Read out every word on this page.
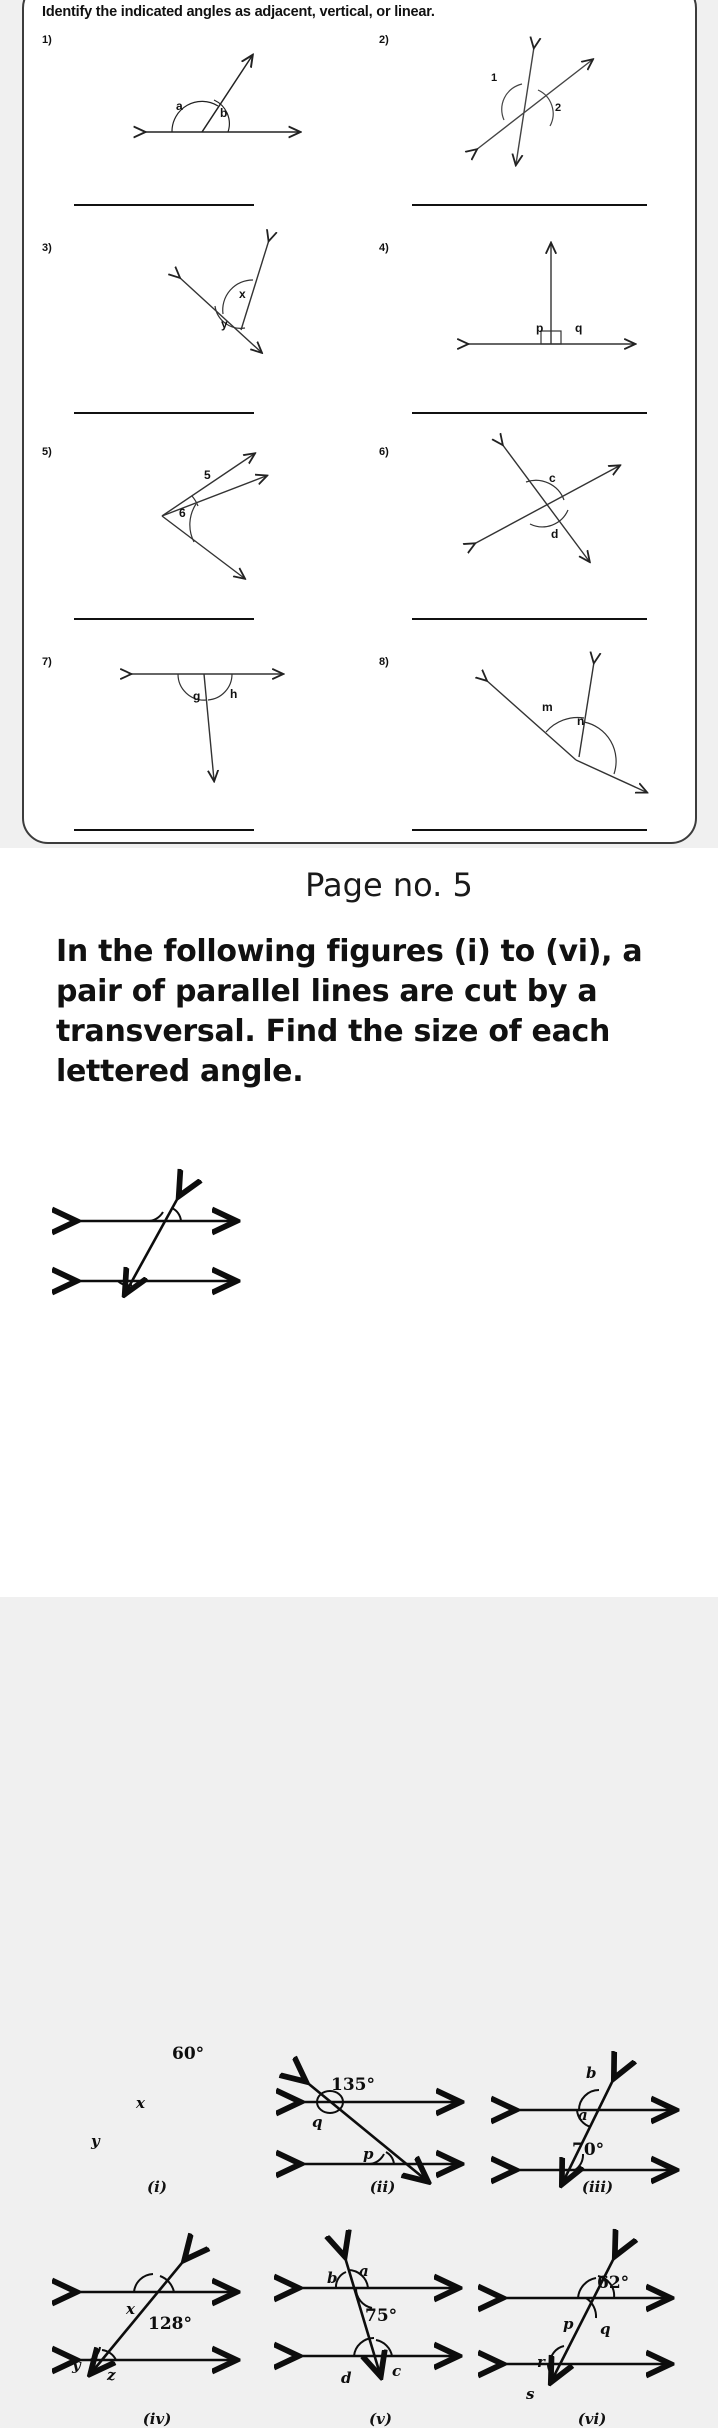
Identify the indicated angles as adjacent, vertical, or linear.
1)
a	b
2)
1
2
3)
x
y
4)
p	q
5)
5
6
6)
c
d
7)
g h
8)
m
n
Page no. 5
In the following figures (i) to (vi), a pair of parallel lines are cut by a transversal. Find the size of each lettered angle.
x
60°
y
(i)
135°
q
p
(ii)
b
a
70°
(iii)
x
128°
y
z
(iv)
b a
75°
d	c
(v)
62°
p q
r
s
(vi)
